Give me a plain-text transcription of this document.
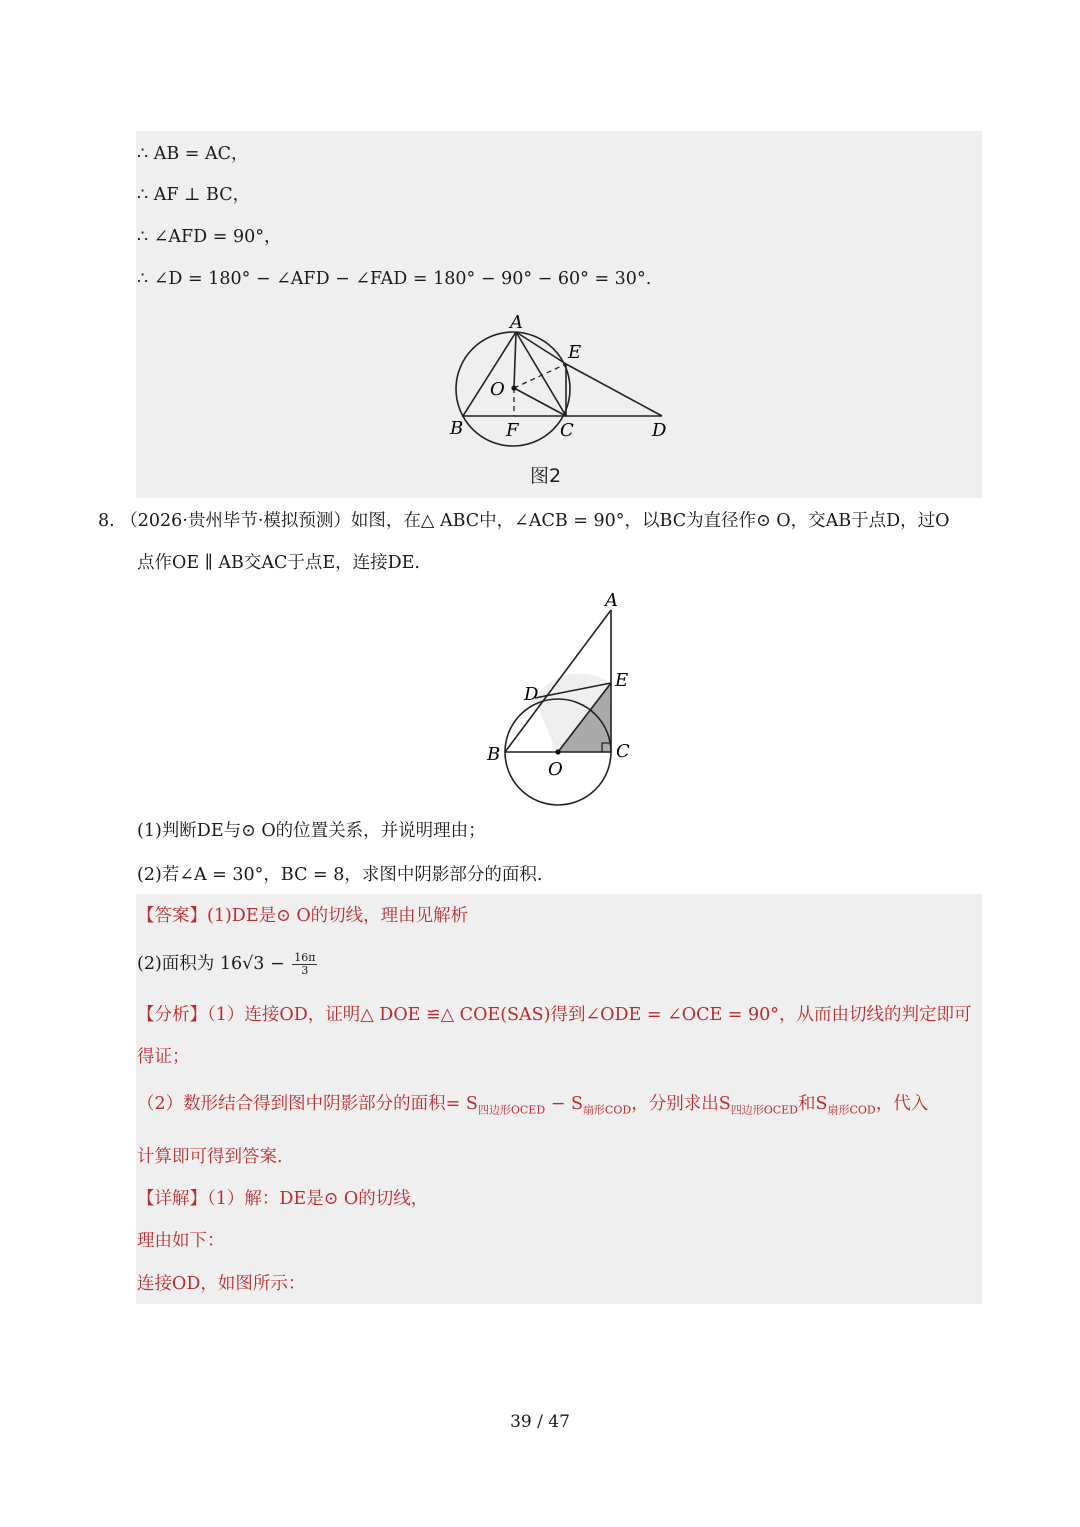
∴ AB = AC，
∴ AF ⊥ BC，
∴ ∠AFD = 90°，
∴ ∠D = 180° − ∠AFD − ∠FAD = 180° − 90° − 60° = 30°.
A
E
O
B F C	D
图2
8. （2026·贵州毕节·模拟预测）如图，在△ ABC中，∠ACB = 90°，以BC为直径作⊙ O，交AB于点D，过O
点作OE ∥ AB交AC于点E，连接DE.
A
D
E
B
O
C
(1)判断DE与⊙ O的位置关系，并说明理由；
(2)若∠A = 30°，BC = 8，求图中阴影部分的面积.
【答案】(1)DE是⊙ O的切线，理由见解析
(2)面积为 $16√3 - \frac{16\pi}{3}$
【分析】（1）连接OD，证明△ DOE ≌△ COE(SAS)得到∠ODE = ∠OCE = 90°，从而由切线的判定即可
得证；
（2）数形结合得到图中阴影部分的面积= $S_{四边形OCED} - S_{扇形COD}$，分别求出$S_{四边形OCED}$和$S_{扇形COD}$，代入
计算即可得到答案.
【详解】（1）解：DE是⊙ O的切线，
理由如下：
连接OD，如图所示：
39 / 47
